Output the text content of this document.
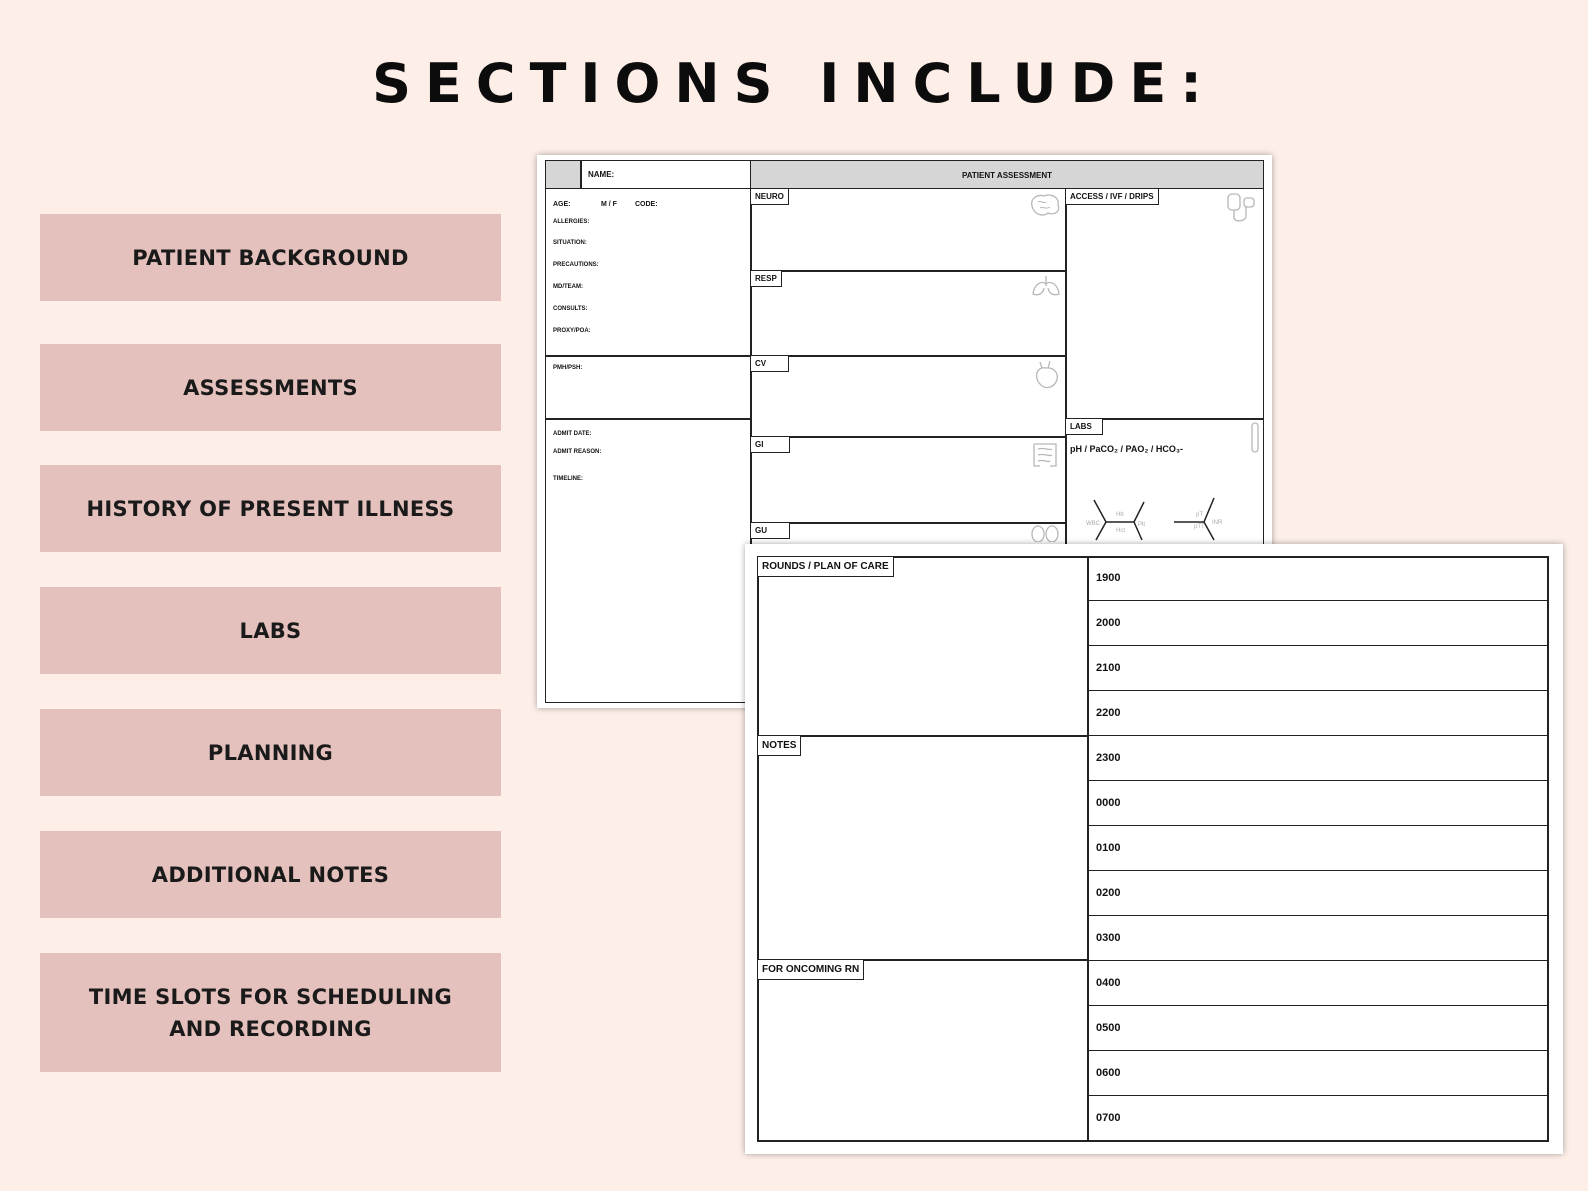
SECTIONS INCLUDE:
PATIENT BACKGROUND
ASSESSMENTS
HISTORY OF PRESENT ILLNESS
LABS
PLANNING
ADDITIONAL NOTES
TIME SLOTS FOR SCHEDULING
AND RECORDING
NAME:	PATIENT ASSESSMENT
AGE:	M / F	CODE:
ALLERGIES:
SITUATION:
PRECAUTIONS:
MD/TEAM:
CONSULTS:
PROXY/POA:
PMH/PSH:
ADMIT DATE:
ADMIT REASON:
TIMELINE:
NEURO
RESP
CV
GI
GU
ACCESS / IVF / DRIPS
LABS
pH / PaCO₂ / PAO₂ / HCO₃-
Hb
Hct
WBC	Plt
pT
pTT
INR
ROUNDS / PLAN OF CARE
NOTES
FOR ONCOMING RN
1900
2000
2100
2200
2300
0000
0100
0200
0300
0400
0500
0600
0700
